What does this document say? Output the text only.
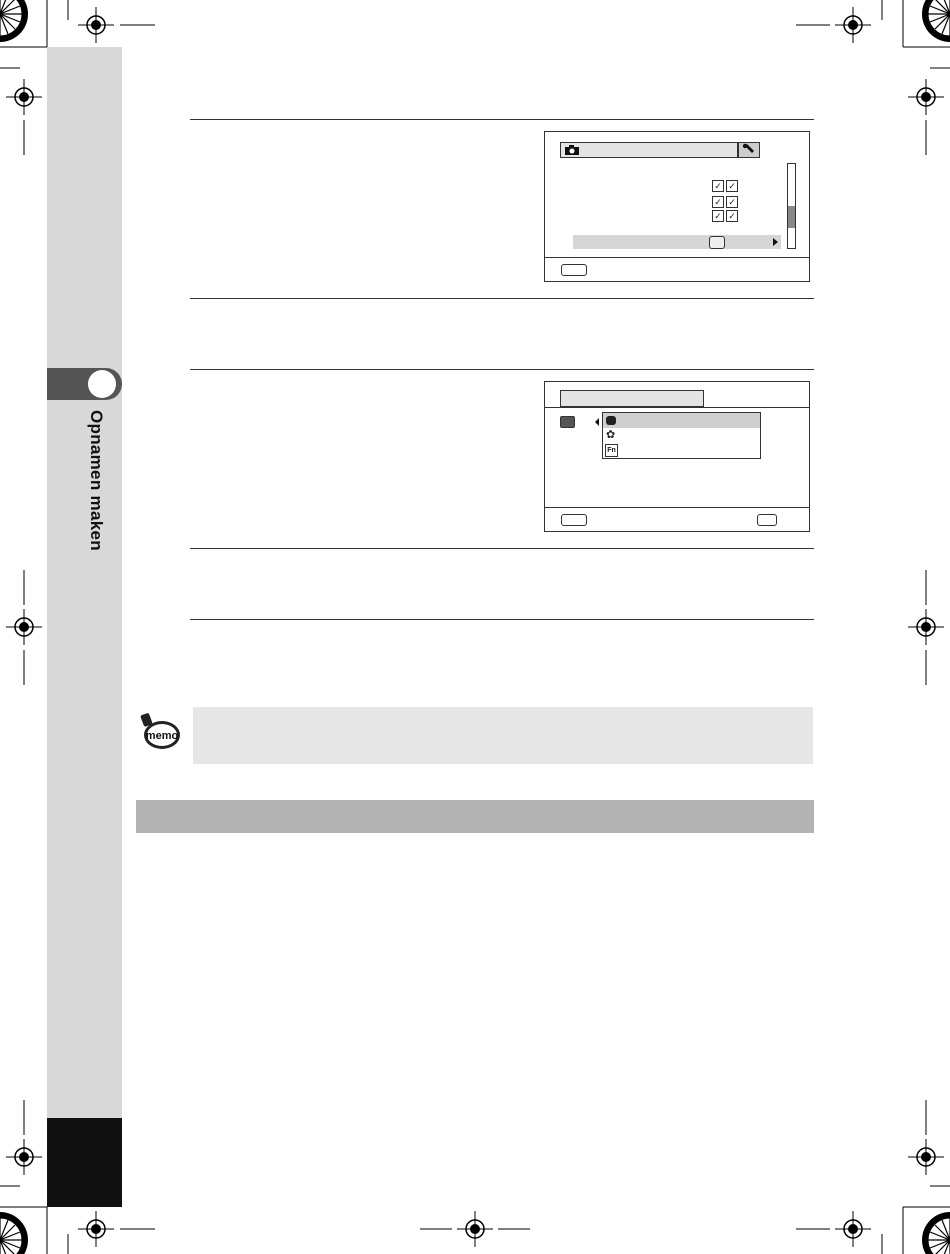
Opnamen maken
✓ ✓
✓ ✓
✓ ✓
✿
Fn
memo
